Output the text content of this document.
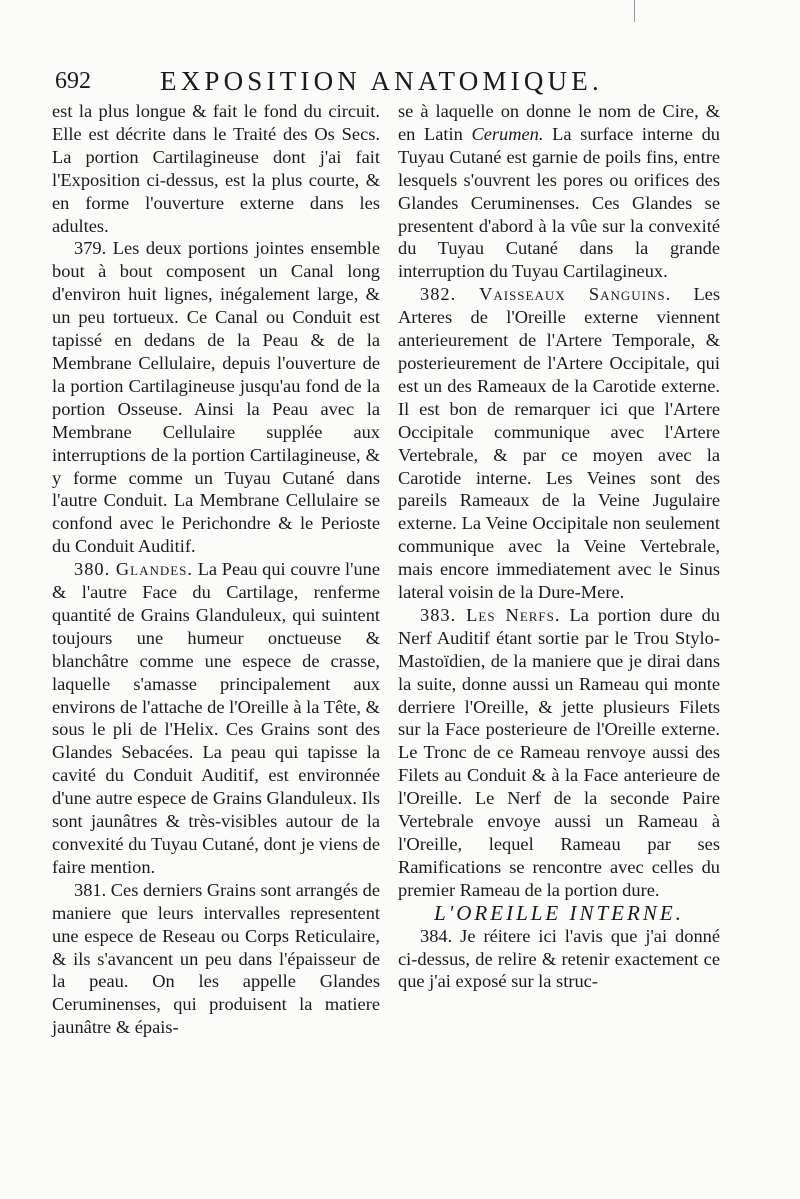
692	EXPOSITION ANATOMIQUE.

est la plus longue & fait le fond du circuit. Elle est décrite dans le Traité des Os Secs. La portion Cartilagineuse dont j'ai fait l'Exposition ci-dessus, est la plus courte, & en forme l'ouverture externe dans les adultes.

379. Les deux portions jointes ensemble bout à bout composent un Canal long d'environ huit lignes, inégalement large, & un peu tortueux. Ce Canal ou Conduit est tapissé en dedans de la Peau & de la Membrane Cellulaire, depuis l'ouverture de la portion Cartilagineuse jusqu'au fond de la portion Osseuse. Ainsi la Peau avec la Membrane Cellulaire supplée aux interruptions de la portion Cartilagineuse, & y forme comme un Tuyau Cutané dans l'autre Conduit. La Membrane Cellulaire se confond avec le Perichondre & le Perioste du Conduit Auditif.

380. Glandes. La Peau qui couvre l'une & l'autre Face du Cartilage, renferme quantité de Grains Glanduleux, qui suintent toujours une humeur onctueuse & blanchâtre comme une espece de crasse, laquelle s'amasse principalement aux environs de l'attache de l'Oreille à la Tête, & sous le pli de l'Helix. Ces Grains sont des Glandes Sebacées. La peau qui tapisse la cavité du Conduit Auditif, est environnée d'une autre espece de Grains Glanduleux. Ils sont jaunâtres & très-visibles autour de la convexité du Tuyau Cutané, dont je viens de faire mention.

381. Ces derniers Grains sont arrangés de maniere que leurs intervalles representent une espece de Reseau ou Corps Reticulaire, & ils s'avancent un peu dans l'épaisseur de la peau. On les appelle Glandes Ceruminenses, qui produisent la matiere jaunâtre & épais-

se à laquelle on donne le nom de Cire, & en Latin Cerumen. La surface interne du Tuyau Cutané est garnie de poils fins, entre lesquels s'ouvrent les pores ou orifices des Glandes Ceruminenses. Ces Glandes se presentent d'abord à la vûe sur la convexité du Tuyau Cutané dans la grande interruption du Tuyau Cartilagineux.

382. Vaisseaux Sanguins. Les Arteres de l'Oreille externe viennent anterieurement de l'Artere Temporale, & posterieurement de l'Artere Occipitale, qui est un des Rameaux de la Carotide externe. Il est bon de remarquer ici que l'Artere Occipitale communique avec l'Artere Vertebrale, & par ce moyen avec la Carotide interne. Les Veines sont des pareils Rameaux de la Veine Jugulaire externe. La Veine Occipitale non seulement communique avec la Veine Vertebrale, mais encore immediatement avec le Sinus lateral voisin de la Dure-Mere.

383. Les Nerfs. La portion dure du Nerf Auditif étant sortie par le Trou Stylo-Mastoïdien, de la maniere que je dirai dans la suite, donne aussi un Rameau qui monte derriere l'Oreille, & jette plusieurs Filets sur la Face posterieure de l'Oreille externe. Le Tronc de ce Rameau renvoye aussi des Filets au Conduit & à la Face anterieure de l'Oreille. Le Nerf de la seconde Paire Vertebrale envoye aussi un Rameau à l'Oreille, lequel Rameau par ses Ramifications se rencontre avec celles du premier Rameau de la portion dure.

L'OREILLE INTERNE.

384. Je réitere ici l'avis que j'ai donné ci-dessus, de relire & retenir exactement ce que j'ai exposé sur la struc-
